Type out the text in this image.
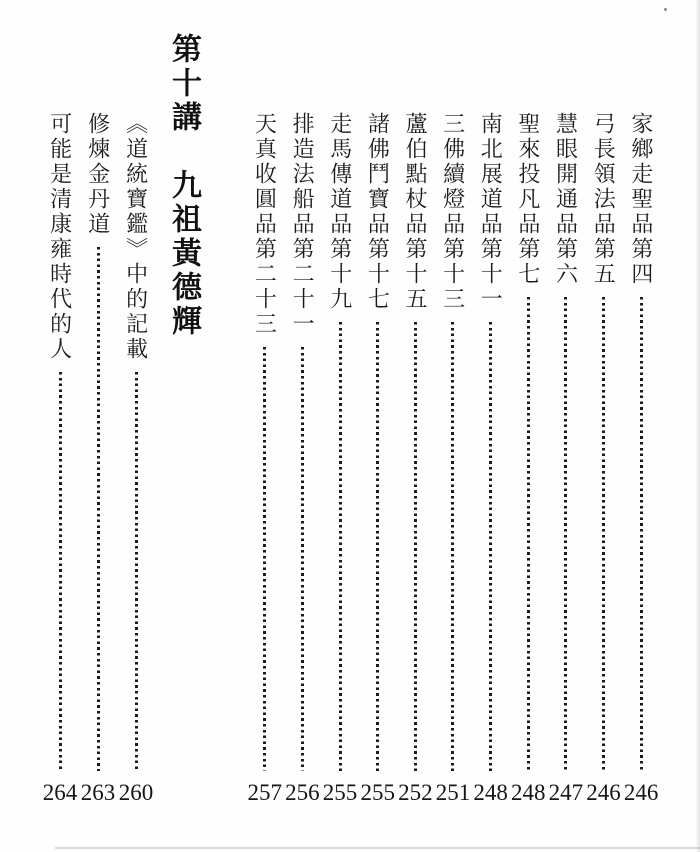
家鄉走聖品第四
246
弓長領法品第五
246
慧眼開通品第六
247
聖來投凡品第七
248
南北展道品第十一
248
三佛續燈品第十三
251
蘆伯點杖品第十五
252
諸佛鬥寶品第十七
255
走馬傳道品第十九
255
排造法船品第二十一
256
天真收圓品第二十三
257
第十講　九祖黃德輝
《道統寶鑑》中的記載
260
修煉金丹道
263
可能是清康雍時代的人
264
